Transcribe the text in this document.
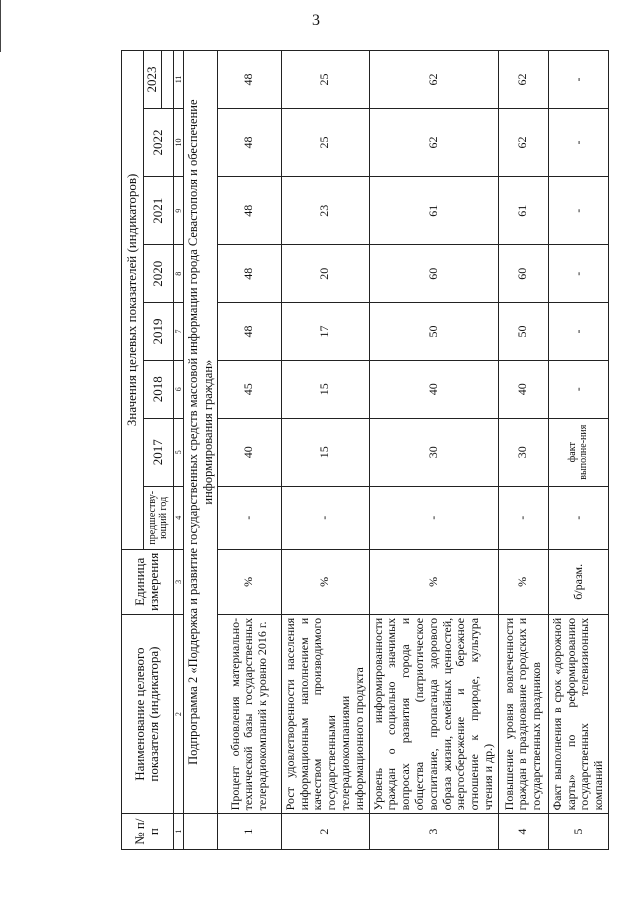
3
№ п/п	Наименование целевого показателя (индикатора)	Единица измерения	Значения целевых показателей (индикаторов)							
			предшеству-ющий год	2017	2018	2019	2020	2021	2022	2023

1	2	3	4	5	6	7	8	9	10	11
	Подпрограмма 2 «Поддержка и развитие государственных средств массовой информации города Севастополя и обеспечение информирования граждан»									
1	Процент обновления материально-технической базы государственных телерадиокомпаний к уровню 2016 г.	%	-	40	45	48	48	48	48	48
2	Рост удовлетворенности населения информационным наполнением и качеством производимого государственными телерадиокомпаниями информационного продукта	%	-	15	15	17	20	23	25	25
3	Уровень информированности граждан о социально значимых вопросах развития города и общества (патриотическое воспитание, пропаганда здорового образа жизни, семейных ценностей, энергосбережение и бережное отношение к природе, культура чтения и др.)	%	-	30	40	50	60	61	62	62
4	Повышение уровня вовлеченности граждан в празднование городских и государственных праздников	%	-	30	40	50	60	61	62	62
5	Факт выполнения в срок «дорожной карты» по реформированию государственных телевизионных компаний	б/разм.	-	факт выполне-ния	-	-	-	-	-	-
